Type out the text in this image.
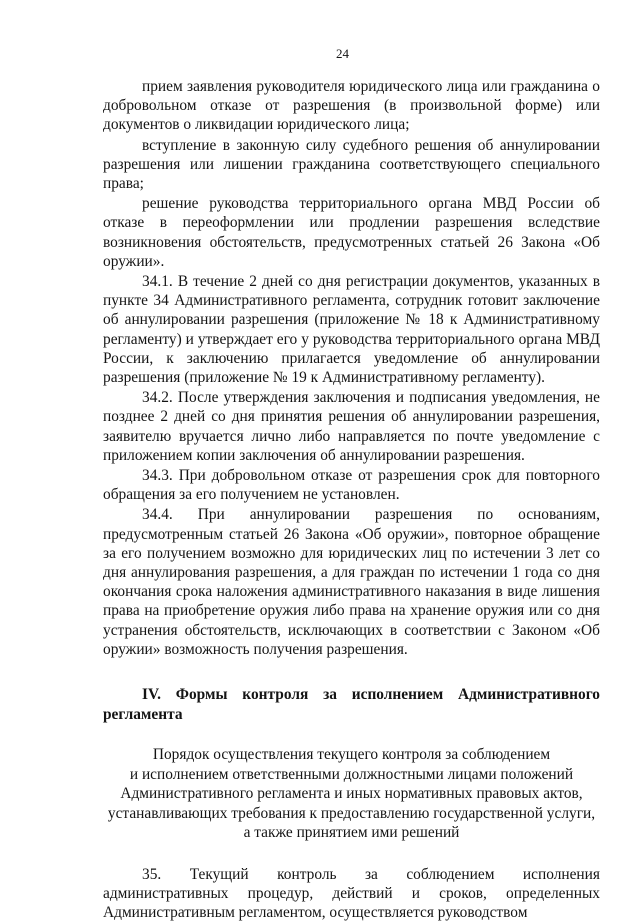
24

прием заявления руководителя юридического лица или гражданина о добровольном отказе от разрешения (в произвольной форме) или документов о ликвидации юридического лица;

вступление в законную силу судебного решения об аннулировании разрешения или лишении гражданина соответствующего специального права;

решение руководства территориального органа МВД России об отказе в переоформлении или продлении разрешения вследствие возникновения обстоятельств, предусмотренных статьей 26 Закона «Об оружии».

34.1. В течение 2 дней со дня регистрации документов, указанных в пункте 34 Административного регламента, сотрудник готовит заключение об аннулировании разрешения (приложение № 18 к Административному регламенту) и утверждает его у руководства территориального органа МВД России, к заключению прилагается уведомление об аннулировании разрешения (приложение № 19 к Административному регламенту).

34.2. После утверждения заключения и подписания уведомления, не позднее 2 дней со дня принятия решения об аннулировании разрешения, заявителю вручается лично либо направляется по почте уведомление с приложением копии заключения об аннулировании разрешения.

34.3. При добровольном отказе от разрешения срок для повторного обращения за его получением не установлен.

34.4. При аннулировании разрешения по основаниям, предусмотренным статьей 26 Закона «Об оружии», повторное обращение за его получением возможно для юридических лиц по истечении 3 лет со дня аннулирования разрешения, а для граждан по истечении 1 года со дня окончания срока наложения административного наказания в виде лишения права на приобретение оружия либо права на хранение оружия или со дня устранения обстоятельств, исключающих в соответствии с Законом «Об оружии» возможность получения разрешения.

IV. Формы контроля за исполнением Административного регламента
Порядок осуществления текущего контроля за соблюдением
и исполнением ответственными должностными лицами положений
Административного регламента и иных нормативных правовых актов,
устанавливающих требования к предоставлению государственной услуги,
а также принятием ими решений

35. Текущий контроль за соблюдением исполнения административных процедур, действий и сроков, определенных Административным регламентом, осуществляется руководством
